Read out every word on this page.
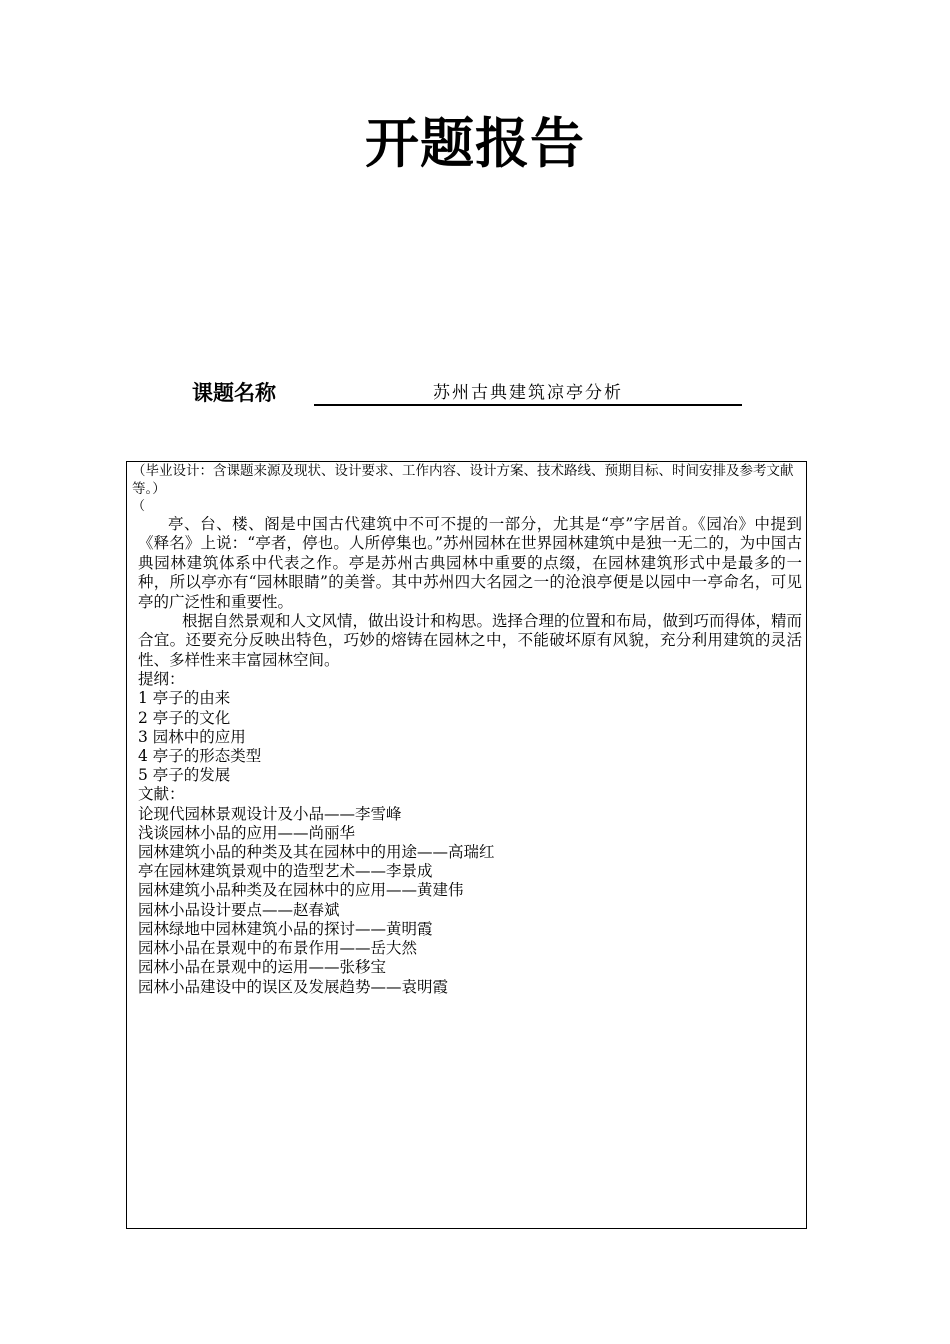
开题报告
课题名称	苏州古典建筑凉亭分析
（毕业设计：含课题来源及现状、设计要求、工作内容、设计方案、技术路线、预期目标、时间安排及参考文献等。）
（

亭、台、楼、阁是中国古代建筑中不可不提的一部分，尤其是“亭”字居首。《园冶》中提到《释名》上说：“亭者，停也。人所停集也。”苏州园林在世界园林建筑中是独一无二的，为中国古典园林建筑体系中代表之作。亭是苏州古典园林中重要的点缀，在园林建筑形式中是最多的一种，所以亭亦有“园林眼睛”的美誉。其中苏州四大名园之一的沧浪亭便是以园中一亭命名，可见亭的广泛性和重要性。

根据自然景观和人文风情，做出设计和构思。选择合理的位置和布局，做到巧而得体，精而合宜。还要充分反映出特色，巧妙的熔铸在园林之中，不能破坏原有风貌，充分利用建筑的灵活性、多样性来丰富园林空间。

提纲：
1 亭子的由来
2 亭子的文化
3 园林中的应用
4 亭子的形态类型
5 亭子的发展
文献：
论现代园林景观设计及小品——李雪峰
浅谈园林小品的应用——尚丽华
园林建筑小品的种类及其在园林中的用途——高瑞红
亭在园林建筑景观中的造型艺术——李景成
园林建筑小品种类及在园林中的应用——黄建伟
园林小品设计要点——赵春斌
园林绿地中园林建筑小品的探讨——黄明霞
园林小品在景观中的布景作用——岳大然
园林小品在景观中的运用——张移宝
园林小品建设中的误区及发展趋势——袁明霞
